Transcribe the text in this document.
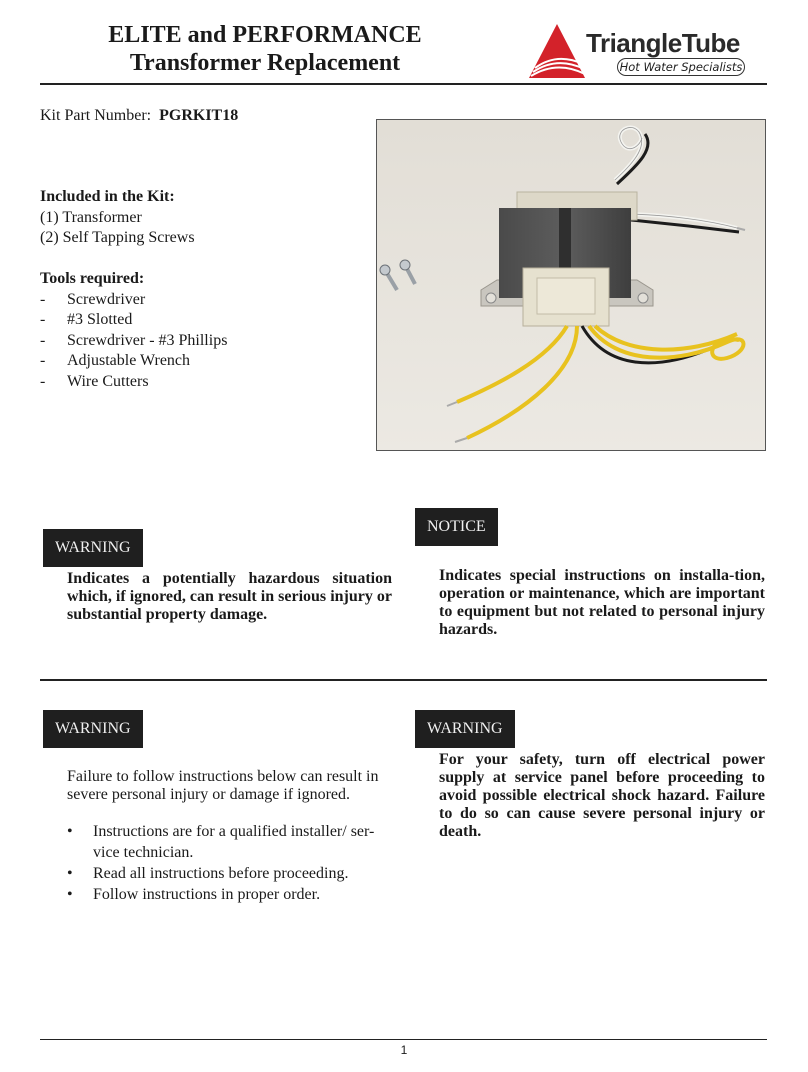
ELITE and PERFORMANCE
Transformer Replacement
TriangleTube
Hot Water Specialists
Kit Part Number: PGRKIT18
Included in the Kit:
(1) Transformer
(2) Self Tapping Screws
Tools required:
-	Screwdriver
-	#3 Slotted
-	Screwdriver - #3 Phillips
-	Adjustable Wrench
-	Wire Cutters
WARNING
Indicates a potentially hazardous situation which, if ignored, can result in serious injury or substantial property damage.
NOTICE
Indicates special instructions on installa-tion, operation or maintenance, which are important to equipment but not related to personal injury hazards.
WARNING
Failure to follow instructions below can result in severe personal injury or damage if ignored.
• Instructions are for a qualified installer/ ser-vice technician.
• Read all instructions before proceeding.
• Follow instructions in proper order.
WARNING
For your safety, turn off electrical power supply at service panel before proceeding to avoid possible electrical shock hazard. Failure to do so can cause severe personal injury or death.
1
